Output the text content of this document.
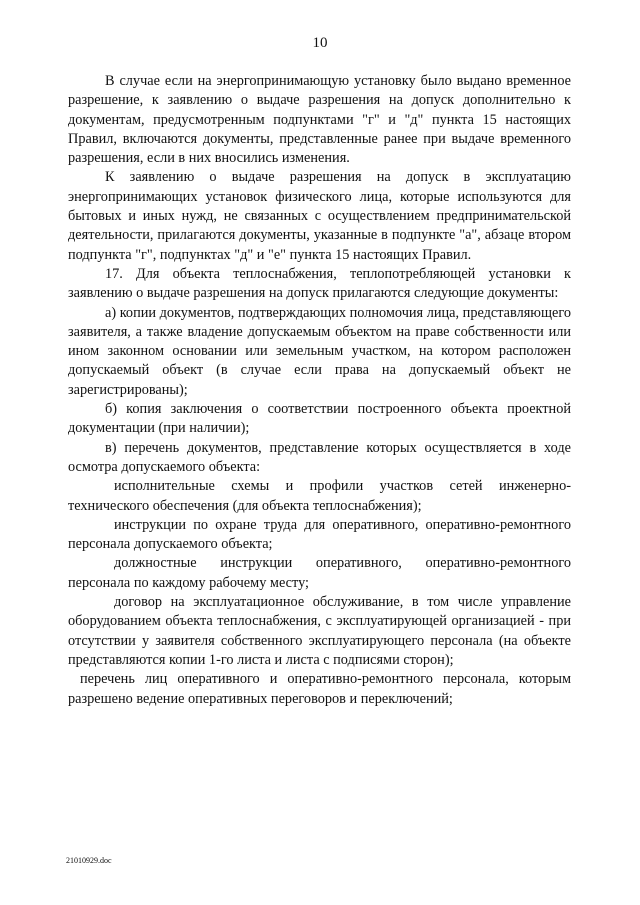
10

В случае если на энергопринимающую установку было выдано временное разрешение, к заявлению о выдаче разрешения на допуск дополнительно к документам, предусмотренным подпунктами "г" и "д" пункта 15 настоящих Правил, включаются документы, представленные ранее при выдаче временного разрешения, если в них вносились изменения.

К заявлению о выдаче разрешения на допуск в эксплуатацию энергопринимающих установок физического лица, которые используются для бытовых и иных нужд, не связанных с осуществлением предпринимательской деятельности, прилагаются документы, указанные в подпункте "а", абзаце втором подпункта "г", подпунктах "д" и "е" пункта 15 настоящих Правил.

17. Для объекта теплоснабжения, теплопотребляющей установки к заявлению о выдаче разрешения на допуск прилагаются следующие документы:

а) копии документов, подтверждающих полномочия лица, представляющего заявителя, а также владение допускаемым объектом на праве собственности или ином законном основании или земельным участком, на котором расположен допускаемый объект (в случае если права на допускаемый объект не зарегистрированы);

б) копия заключения о соответствии построенного объекта проектной документации (при наличии);

в) перечень документов, представление которых осуществляется в ходе осмотра допускаемого объекта:

исполнительные схемы и профили участков сетей инженерно-технического обеспечения (для объекта теплоснабжения);

инструкции по охране труда для оперативного, оперативно-ремонтного персонала допускаемого объекта;

должностные инструкции оперативного, оперативно-ремонтного персонала по каждому рабочему месту;

договор на эксплуатационное обслуживание, в том числе управление оборудованием объекта теплоснабжения, с эксплуатирующей организацией - при отсутствии у заявителя собственного эксплуатирующего персонала (на объекте представляются копии 1-го листа и листа с подписями сторон);

перечень лиц оперативного и оперативно-ремонтного персонала, которым разрешено ведение оперативных переговоров и переключений;

21010929.doc
